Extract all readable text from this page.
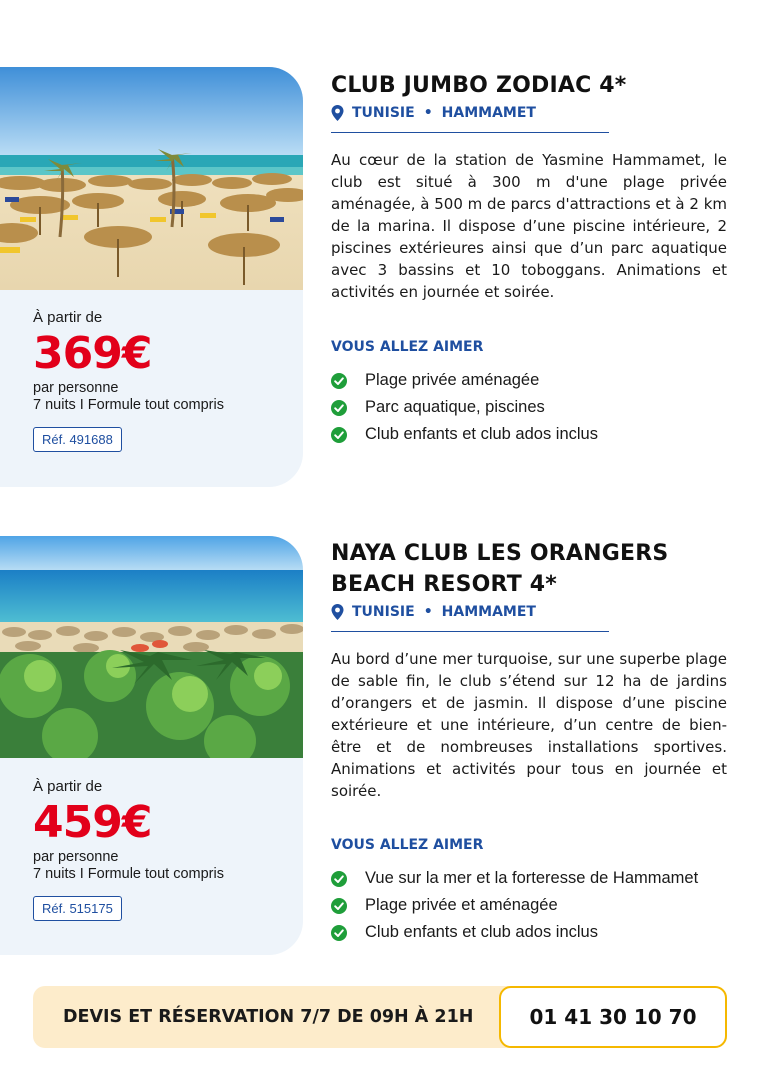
À partir de
369€
par personne
7 nuits I Formule tout compris
Réf. 491688
CLUB JUMBO ZODIAC 4*
TUNISIE • HAMMAMET
Au cœur de la station de Yasmine Hammamet, le club est situé à 300 m d'une plage privée aménagée, à 500 m de parcs d'attractions et à 2 km de la marina. Il dispose d’une piscine intérieure, 2 piscines extérieures ainsi que d’un parc aquatique avec 3 bassins et 10 toboggans. Animations et activités en journée et soirée.
VOUS ALLEZ AIMER
Plage privée aménagée
Parc aquatique, piscines
Club enfants et club ados inclus
À partir de
459€
par personne
7 nuits I Formule tout compris
Réf. 515175
NAYA CLUB LES ORANGERS
BEACH RESORT 4*
TUNISIE • HAMMAMET
Au bord d’une mer turquoise, sur une superbe plage de sable fin, le club s’étend sur 12 ha de jardins d’orangers et de jasmin. Il dispose d’une piscine extérieure et une intérieure, d’un centre de bien-être et de nombreuses installations sportives. Animations et activités pour tous en journée et soirée.
VOUS ALLEZ AIMER
Vue sur la mer et la forteresse de Hammamet
Plage privée et aménagée
Club enfants et club ados inclus
DEVIS ET RÉSERVATION 7/7 DE 09H À 21H	01 41 30 10 70
